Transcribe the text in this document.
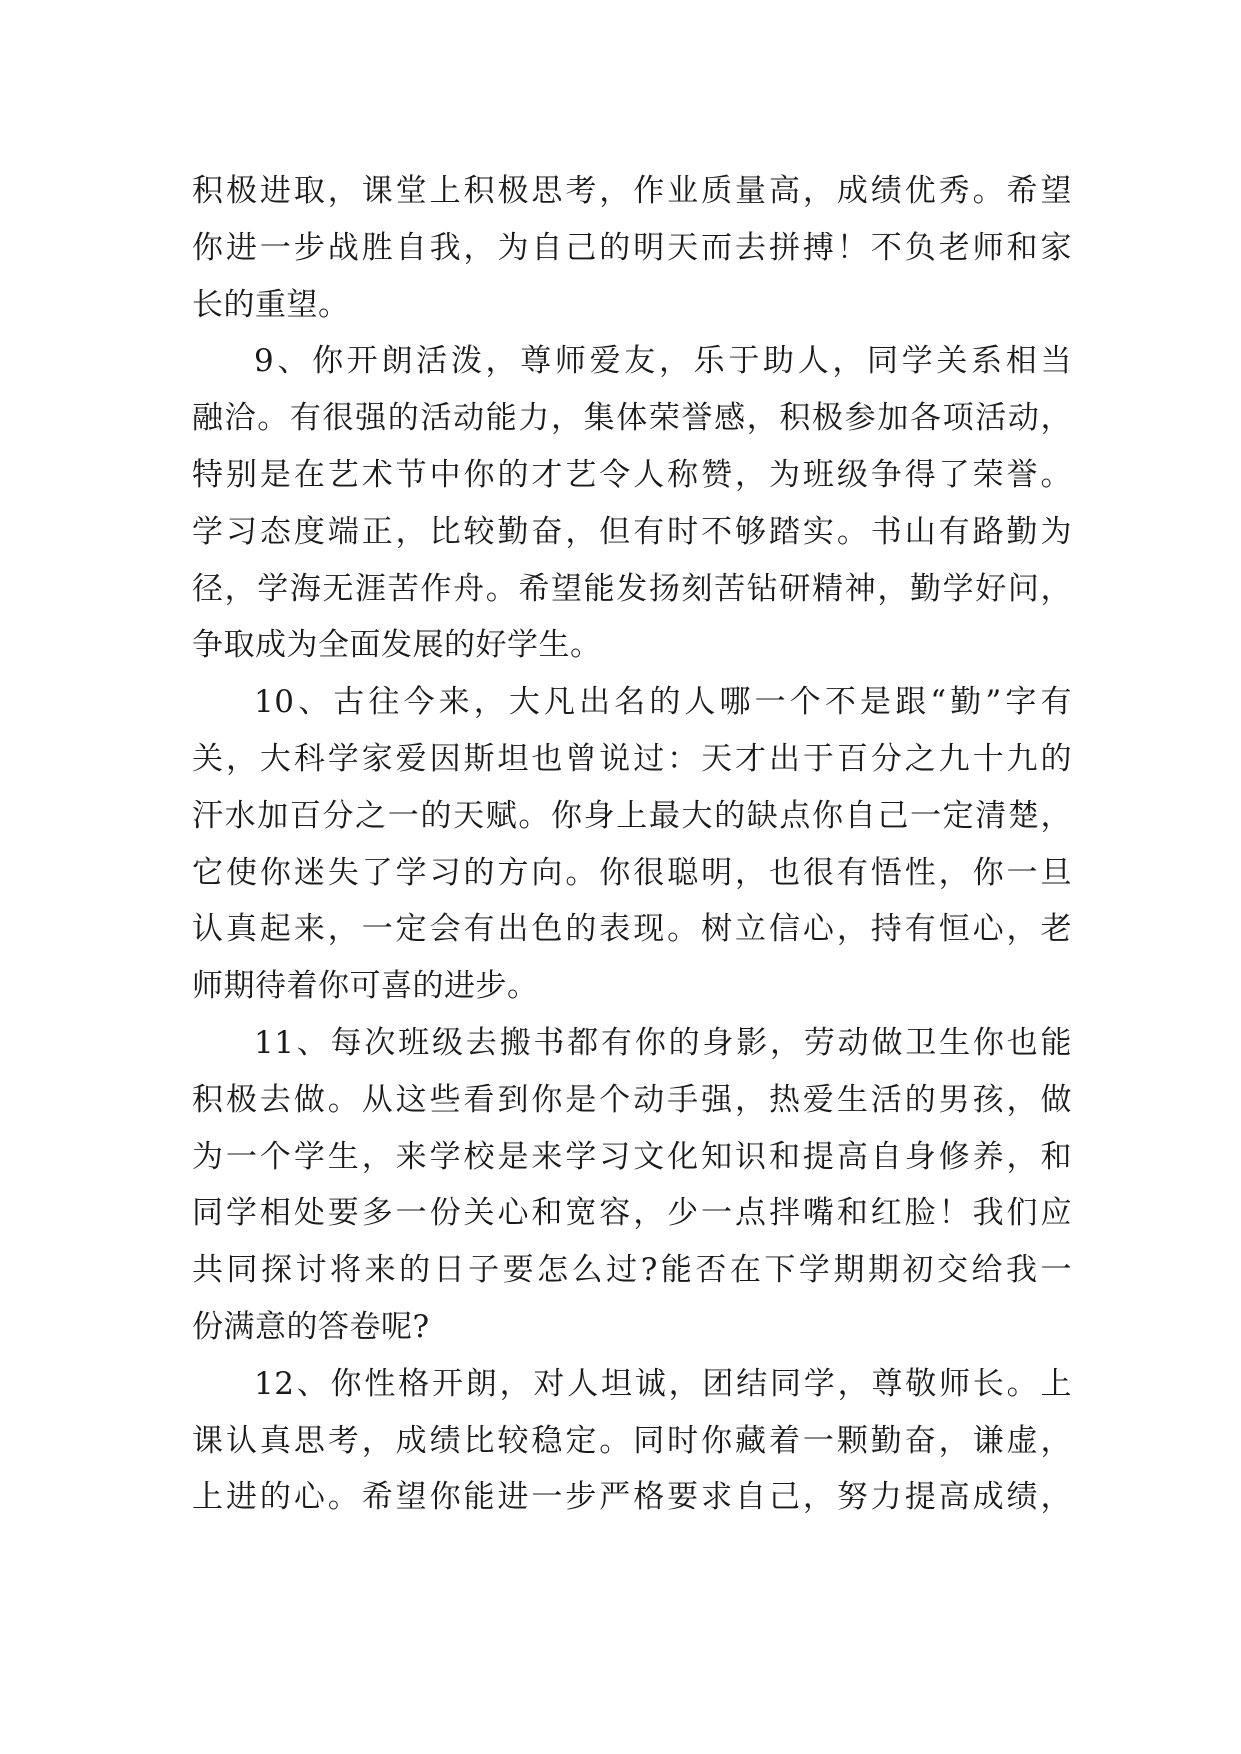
积极进取，课堂上积极思考，作业质量高，成绩优秀。希望
你进一步战胜自我，为自己的明天而去拼搏！不负老师和家
长的重望。
9、你开朗活泼，尊师爱友，乐于助人，同学关系相当
融洽。有很强的活动能力，集体荣誉感，积极参加各项活动，
特别是在艺术节中你的才艺令人称赞，为班级争得了荣誉。
学习态度端正，比较勤奋，但有时不够踏实。书山有路勤为
径，学海无涯苦作舟。希望能发扬刻苦钻研精神，勤学好问，
争取成为全面发展的好学生。
10、古往今来，大凡出名的人哪一个不是跟“勤”字有
关，大科学家爱因斯坦也曾说过：天才出于百分之九十九的
汗水加百分之一的天赋。你身上最大的缺点你自己一定清楚，
它使你迷失了学习的方向。你很聪明，也很有悟性，你一旦
认真起来，一定会有出色的表现。树立信心，持有恒心，老
师期待着你可喜的进步。
11、每次班级去搬书都有你的身影，劳动做卫生你也能
积极去做。从这些看到你是个动手强，热爱生活的男孩，做
为一个学生，来学校是来学习文化知识和提高自身修养，和
同学相处要多一份关心和宽容，少一点拌嘴和红脸！我们应
共同探讨将来的日子要怎么过?能否在下学期期初交给我一
份满意的答卷呢?
12、你性格开朗，对人坦诚，团结同学，尊敬师长。上
课认真思考，成绩比较稳定。同时你藏着一颗勤奋，谦虚，
上进的心。希望你能进一步严格要求自己，努力提高成绩，
